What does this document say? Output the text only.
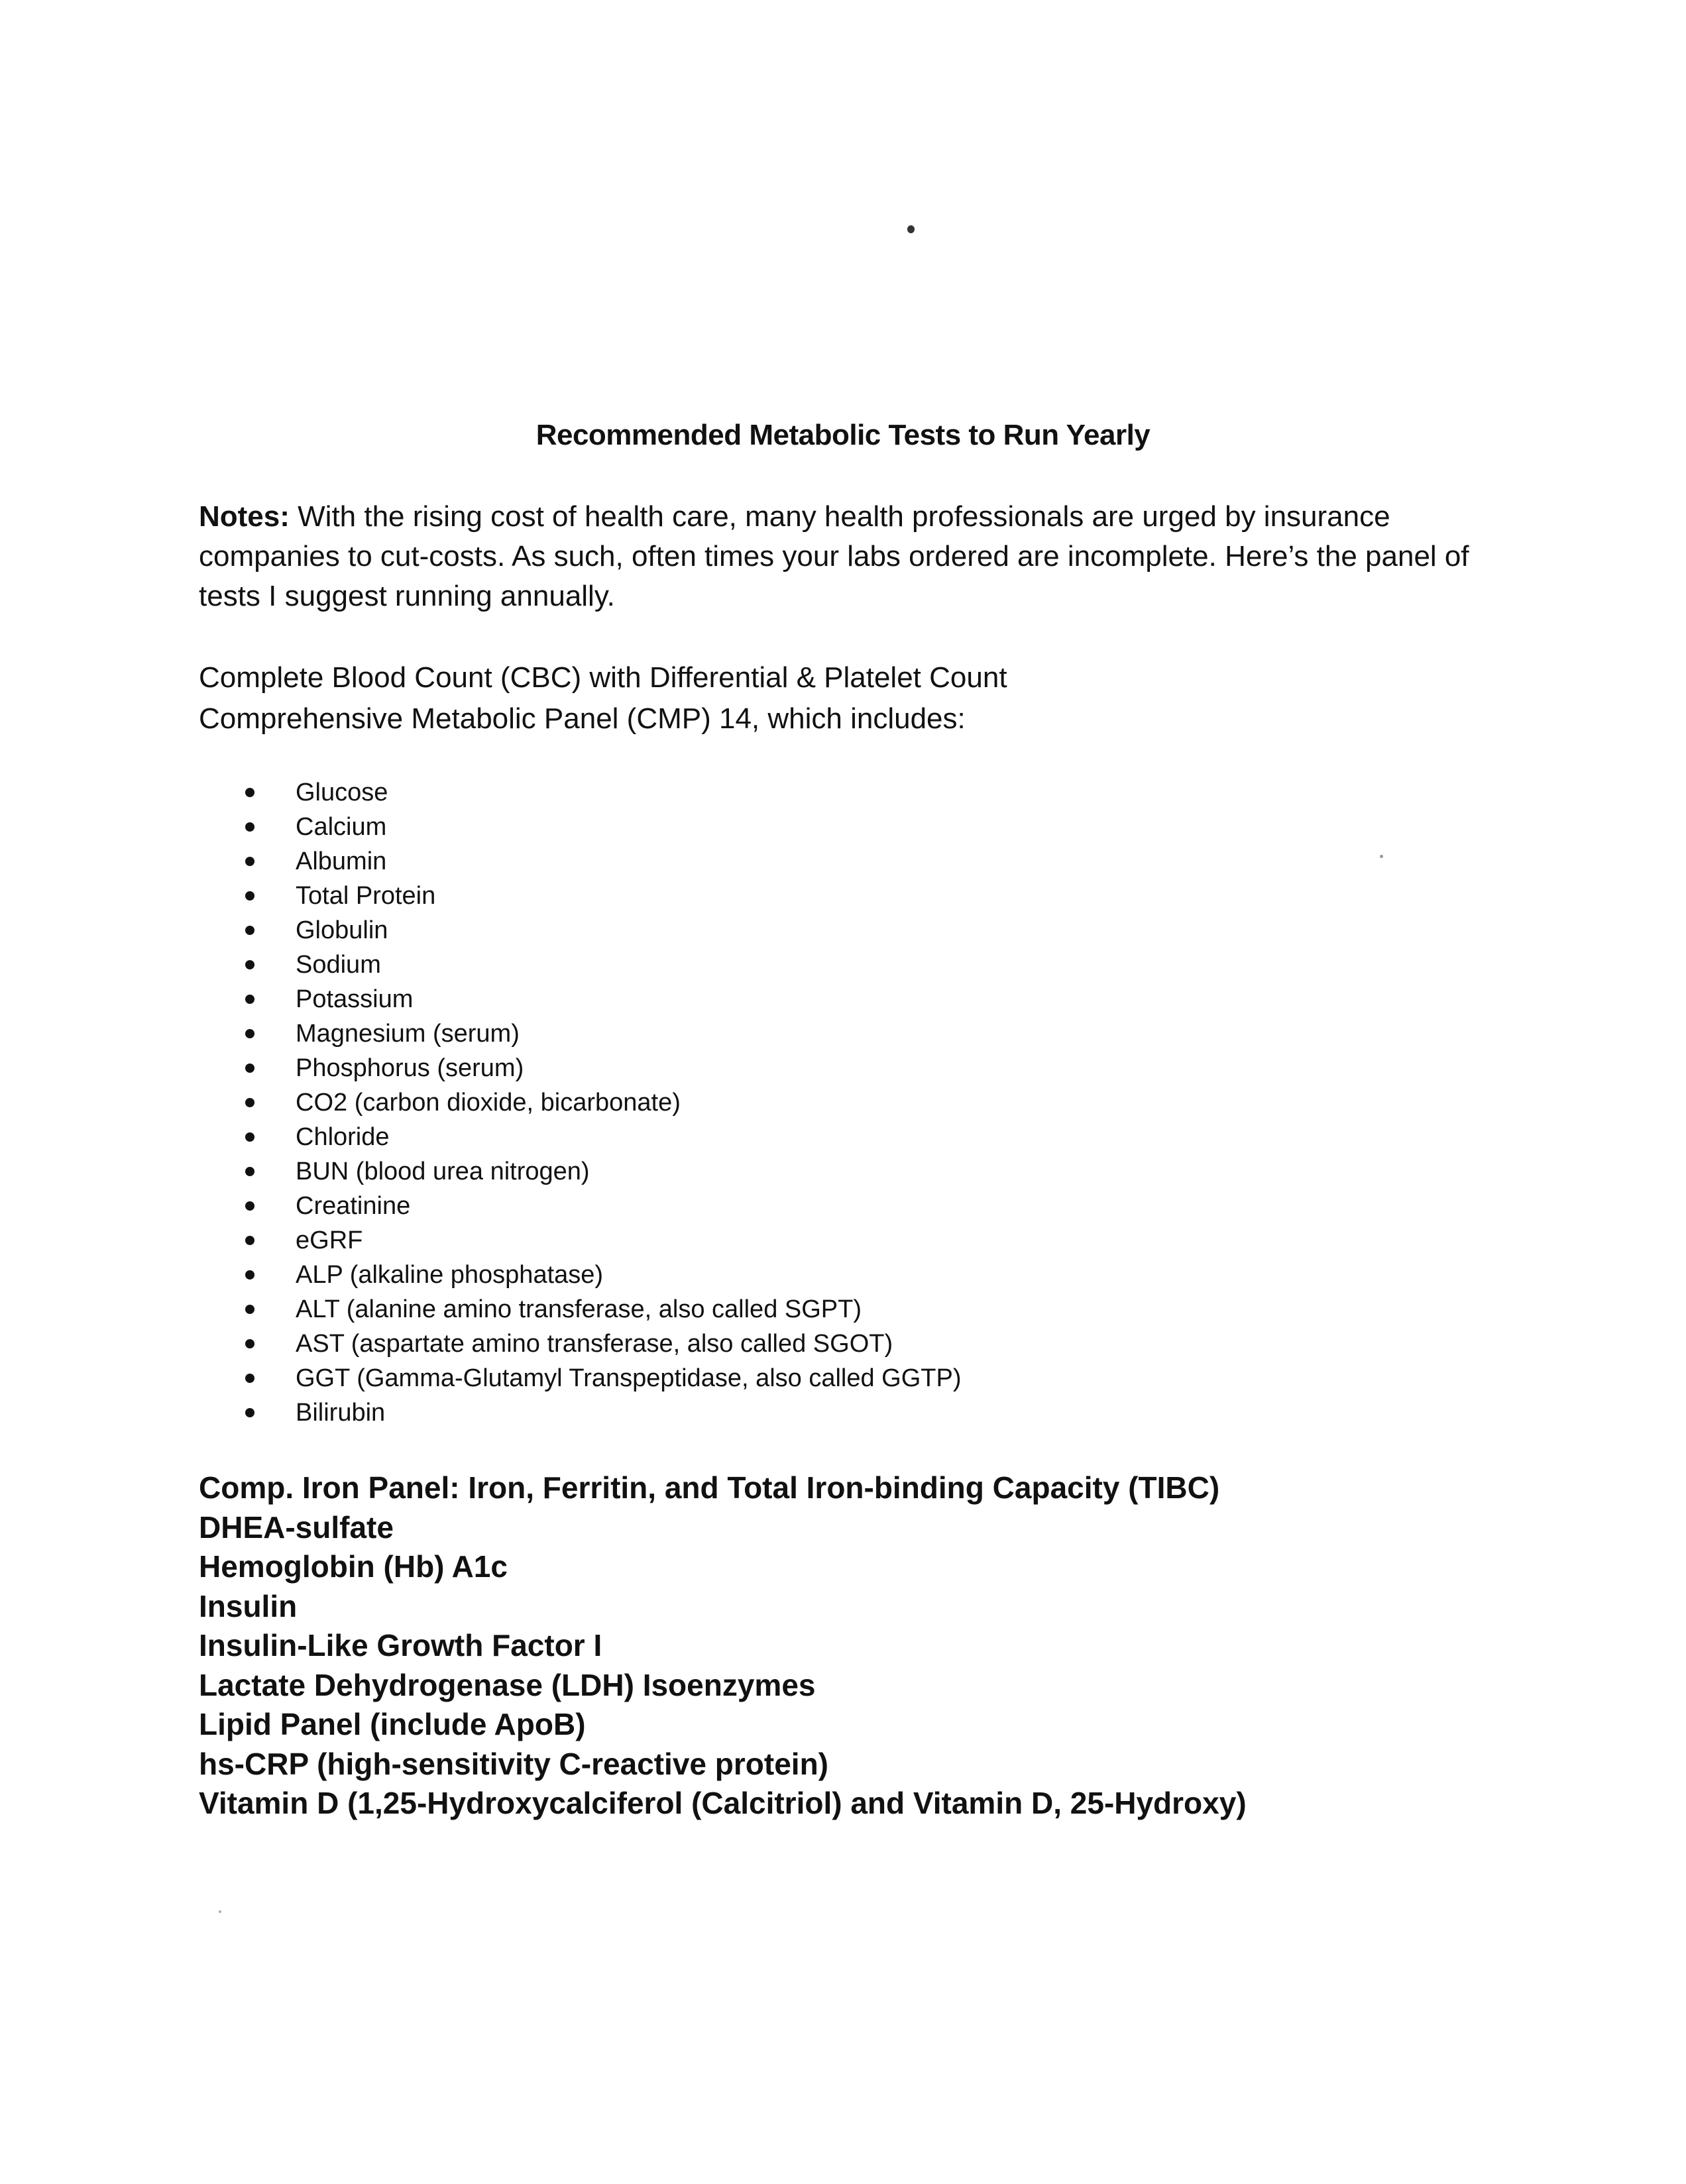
Recommended Metabolic Tests to Run Yearly
Notes: With the rising cost of health care, many health professionals are urged by insurance companies to cut-costs. As such, often times your labs ordered are incomplete. Here’s the panel of tests I suggest running annually.
Complete Blood Count (CBC) with Differential & Platelet Count
Comprehensive Metabolic Panel (CMP) 14, which includes:
Glucose
Calcium
Albumin
Total Protein
Globulin
Sodium
Potassium
Magnesium (serum)
Phosphorus (serum)
CO2 (carbon dioxide, bicarbonate)
Chloride
BUN (blood urea nitrogen)
Creatinine
eGRF
ALP (alkaline phosphatase)
ALT (alanine amino transferase, also called SGPT)
AST (aspartate amino transferase, also called SGOT)
GGT (Gamma-Glutamyl Transpeptidase, also called GGTP)
Bilirubin
Comp. Iron Panel: Iron, Ferritin, and Total Iron-binding Capacity (TIBC)
DHEA-sulfate
Hemoglobin (Hb) A1c
Insulin
Insulin-Like Growth Factor I
Lactate Dehydrogenase (LDH) Isoenzymes
Lipid Panel (include ApoB)
hs-CRP (high-sensitivity C-reactive protein)
Vitamin D (1,25-Hydroxycalciferol (Calcitriol) and Vitamin D, 25-Hydroxy)
